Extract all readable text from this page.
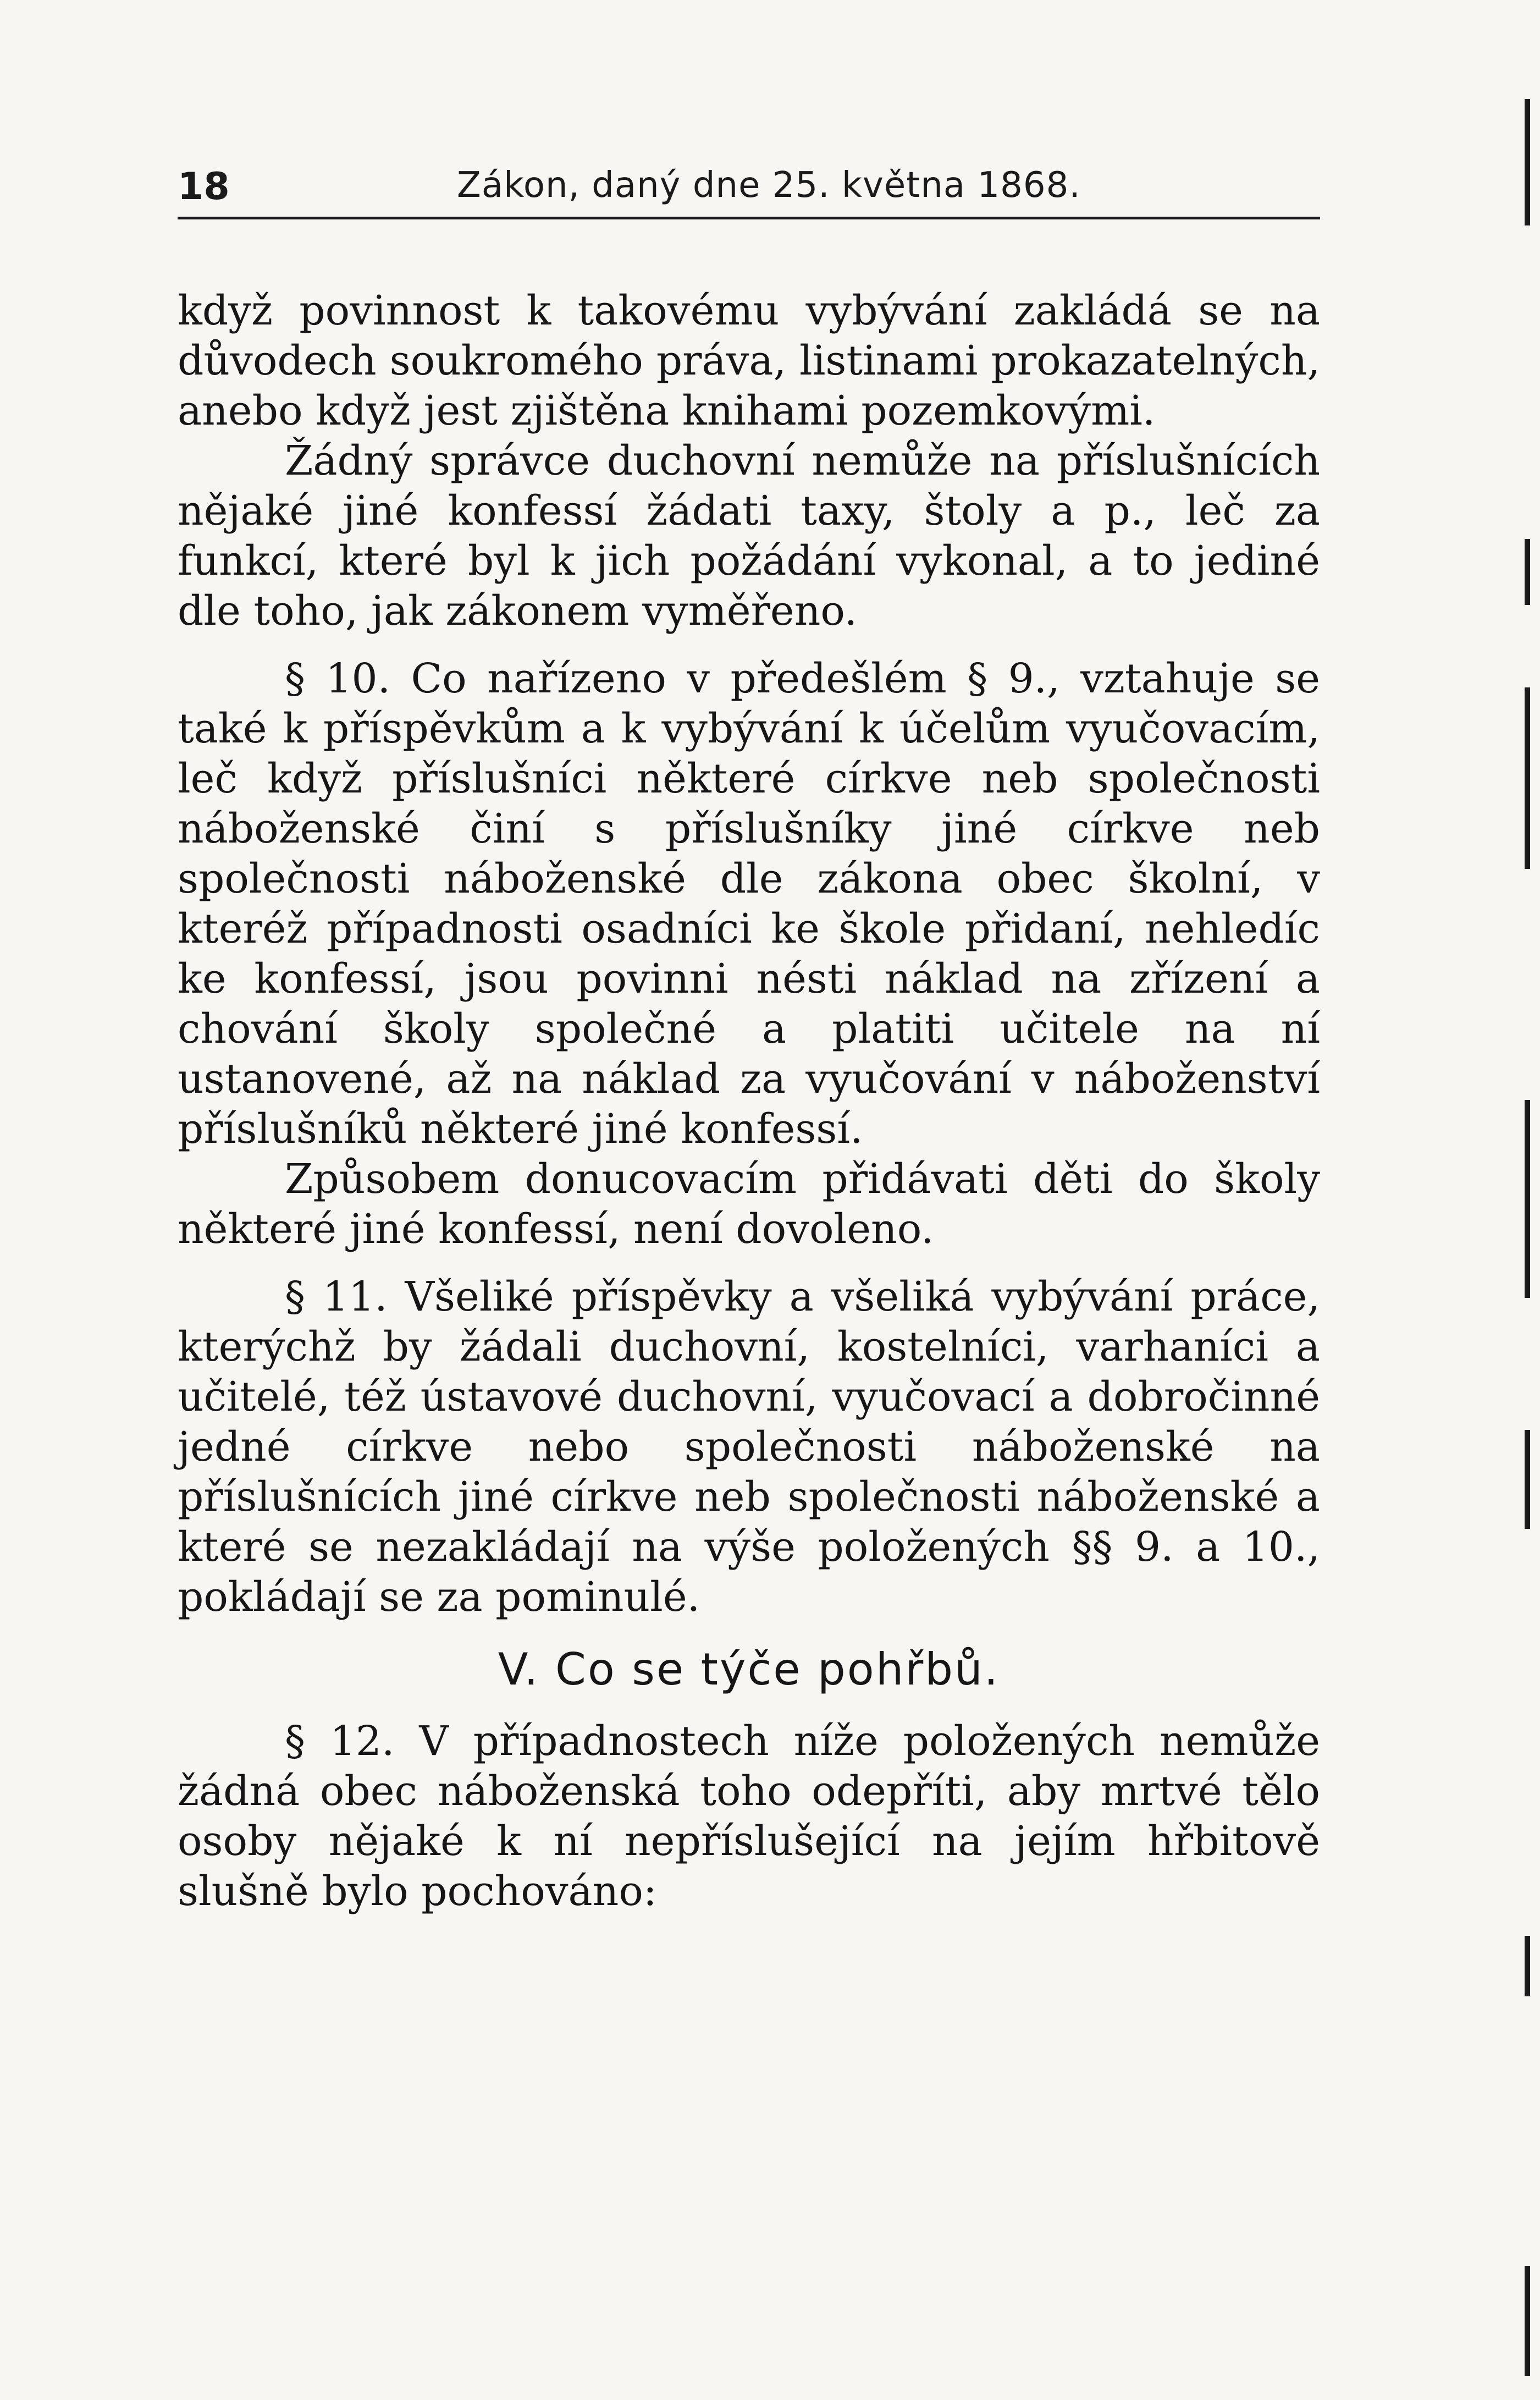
18	Zákon, daný dne 25. května 1868.

když povinnost k takovému vybývání zakládá se na důvodech soukromého práva, listinami prokazatelných, anebo když jest zjištěna knihami pozemkovými.

Žádný správce duchovní nemůže na příslušnících nějaké jiné konfessí žádati taxy, štoly a p., leč za funkcí, které byl k jich požádání vykonal, a to jediné dle toho, jak zákonem vyměřeno.

§ 10. Co nařízeno v předešlém § 9., vztahuje se také k příspěvkům a k vybývání k účelům vyučovacím, leč když příslušníci některé církve neb společnosti náboženské činí s příslušníky jiné církve neb společnosti náboženské dle zákona obec školní, v kteréž případnosti osadníci ke škole přidaní, nehledíc ke konfessí, jsou povinni nésti náklad na zřízení a chování školy společné a platiti učitele na ní ustanovené, až na náklad za vyučování v náboženství příslušníků některé jiné konfessí.

Způsobem donucovacím přidávati děti do školy některé jiné konfessí, není dovoleno.

§ 11. Všeliké příspěvky a všeliká vybývání práce, kterýchž by žádali duchovní, kostelníci, varhaníci a učitelé, též ústavové duchovní, vyučovací a dobročinné jedné církve nebo společnosti náboženské na příslušnících jiné církve neb společnosti náboženské a které se nezakládají na výše položených §§ 9. a 10., pokládají se za pominulé.

V. Co se týče pohřbů.

§ 12. V případnostech níže položených nemůže žádná obec náboženská toho odepříti, aby mrtvé tělo osoby nějaké k ní nepříslušející na jejím hřbitově slušně bylo pochováno:
